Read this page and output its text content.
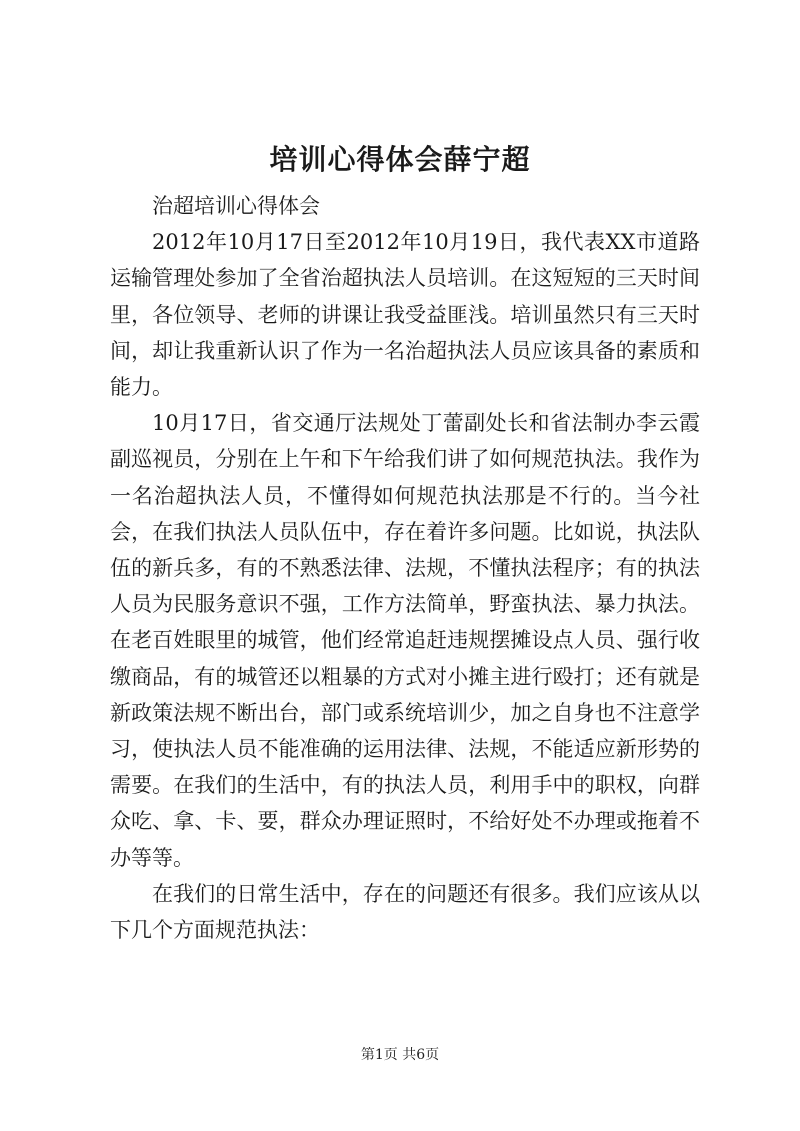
培训心得体会薛宁超

治超培训心得体会

2012年10月17日至2012年10月19日，我代表XX市道路运输管理处参加了全省治超执法人员培训。在这短短的三天时间里，各位领导、老师的讲课让我受益匪浅。培训虽然只有三天时间，却让我重新认识了作为一名治超执法人员应该具备的素质和能力。

10月17日，省交通厅法规处丁蕾副处长和省法制办李云霞副巡视员，分别在上午和下午给我们讲了如何规范执法。我作为一名治超执法人员，不懂得如何规范执法那是不行的。当今社会，在我们执法人员队伍中，存在着许多问题。比如说，执法队伍的新兵多，有的不熟悉法律、法规，不懂执法程序；有的执法人员为民服务意识不强，工作方法简单，野蛮执法、暴力执法。在老百姓眼里的城管，他们经常追赶违规摆摊设点人员、强行收缴商品，有的城管还以粗暴的方式对小摊主进行殴打；还有就是新政策法规不断出台，部门或系统培训少，加之自身也不注意学习，使执法人员不能准确的运用法律、法规，不能适应新形势的需要。在我们的生活中，有的执法人员，利用手中的职权，向群众吃、拿、卡、要，群众办理证照时，不给好处不办理或拖着不办等等。

在我们的日常生活中，存在的问题还有很多。我们应该从以下几个方面规范执法：

第1页 共6页
